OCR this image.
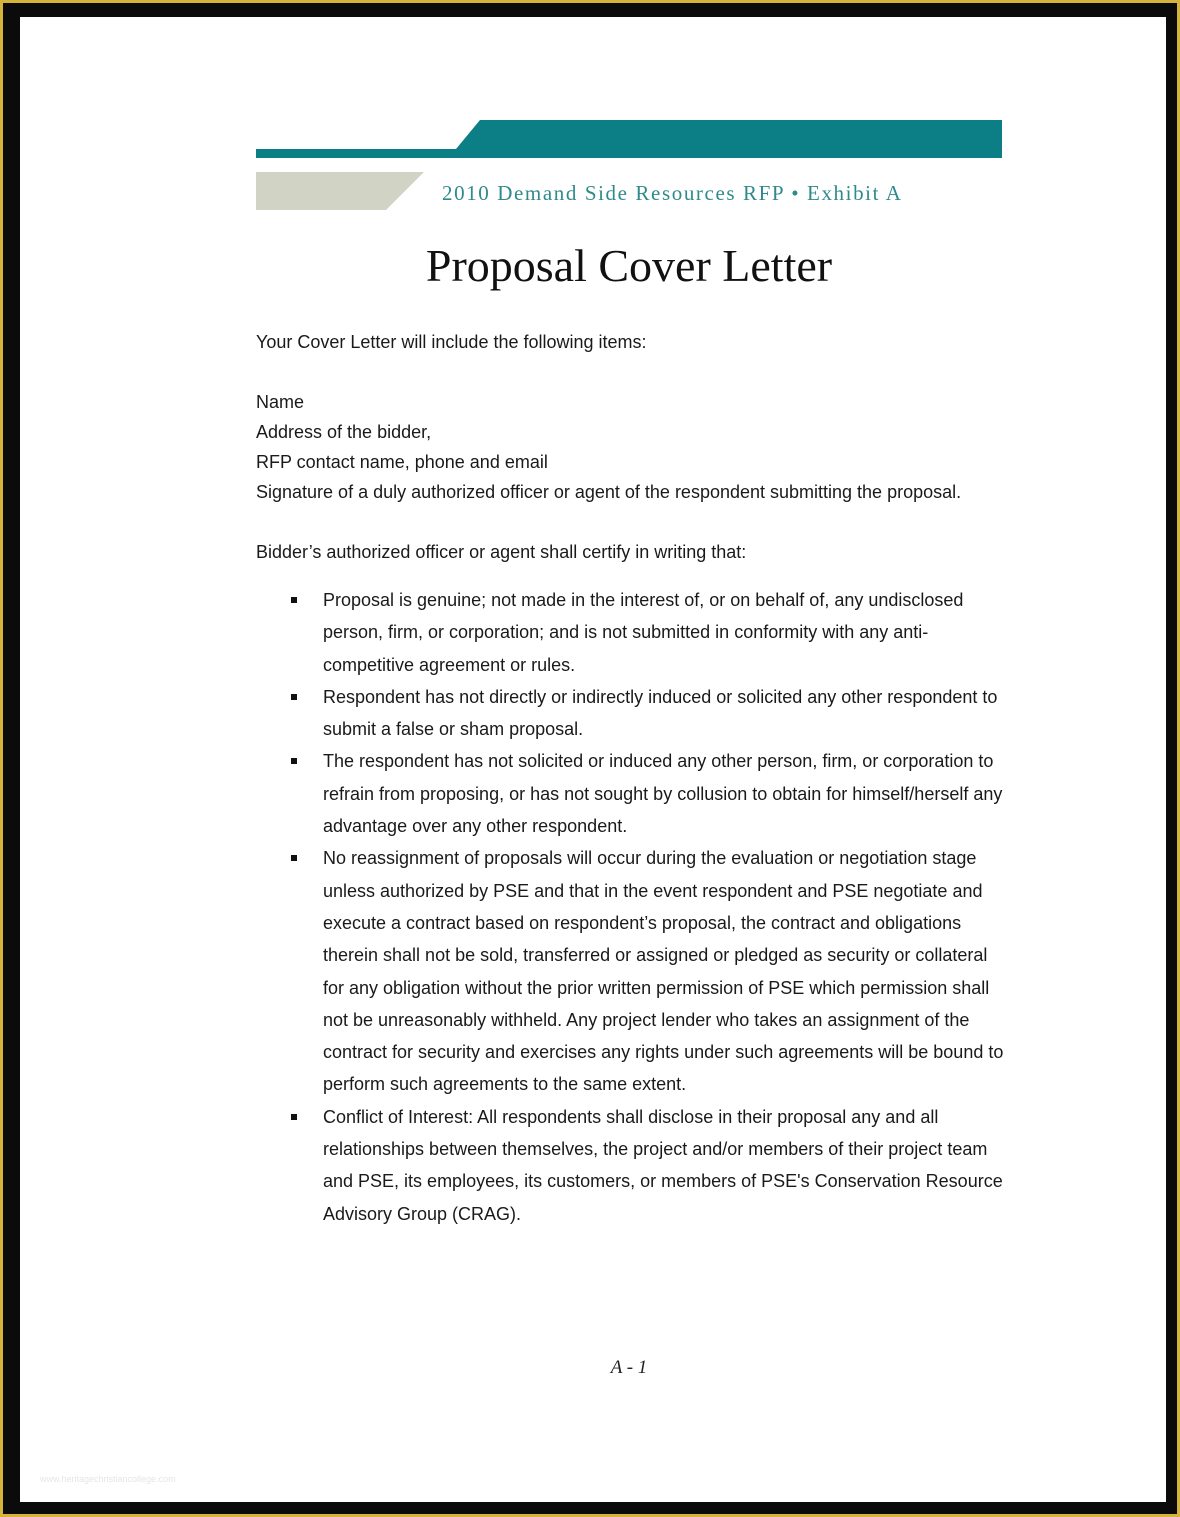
2010 Demand Side Resources RFP • Exhibit A
Proposal Cover Letter
Your Cover Letter will include the following items:
Name
Address of the bidder,
RFP contact name, phone and email
Signature of a duly authorized officer or agent of the respondent submitting the proposal.
Bidder’s authorized officer or agent shall certify in writing that:
Proposal is genuine; not made in the interest of, or on behalf of, any undisclosed person, firm, or corporation; and is not submitted in conformity with any anti-competitive agreement or rules.
Respondent has not directly or indirectly induced or solicited any other respondent to submit a false or sham proposal.
The respondent has not solicited or induced any other person, firm, or corporation to refrain from proposing, or has not sought by collusion to obtain for himself/herself any advantage over any other respondent.
No reassignment of proposals will occur during the evaluation or negotiation stage unless authorized by PSE and that in the event respondent and PSE negotiate and execute a contract based on respondent’s proposal, the contract and obligations therein shall not be sold, transferred or assigned or pledged as security or collateral for any obligation without the prior written permission of PSE which permission shall not be unreasonably withheld. Any project lender who takes an assignment of the contract for security and exercises any rights under such agreements will be bound to perform such agreements to the same extent.
Conflict of Interest: All respondents shall disclose in their proposal any and all relationships between themselves, the project and/or members of their project team and PSE, its employees, its customers, or members of PSE's Conservation Resource Advisory Group (CRAG).
A - 1
www.heritagechristiancollege.com
